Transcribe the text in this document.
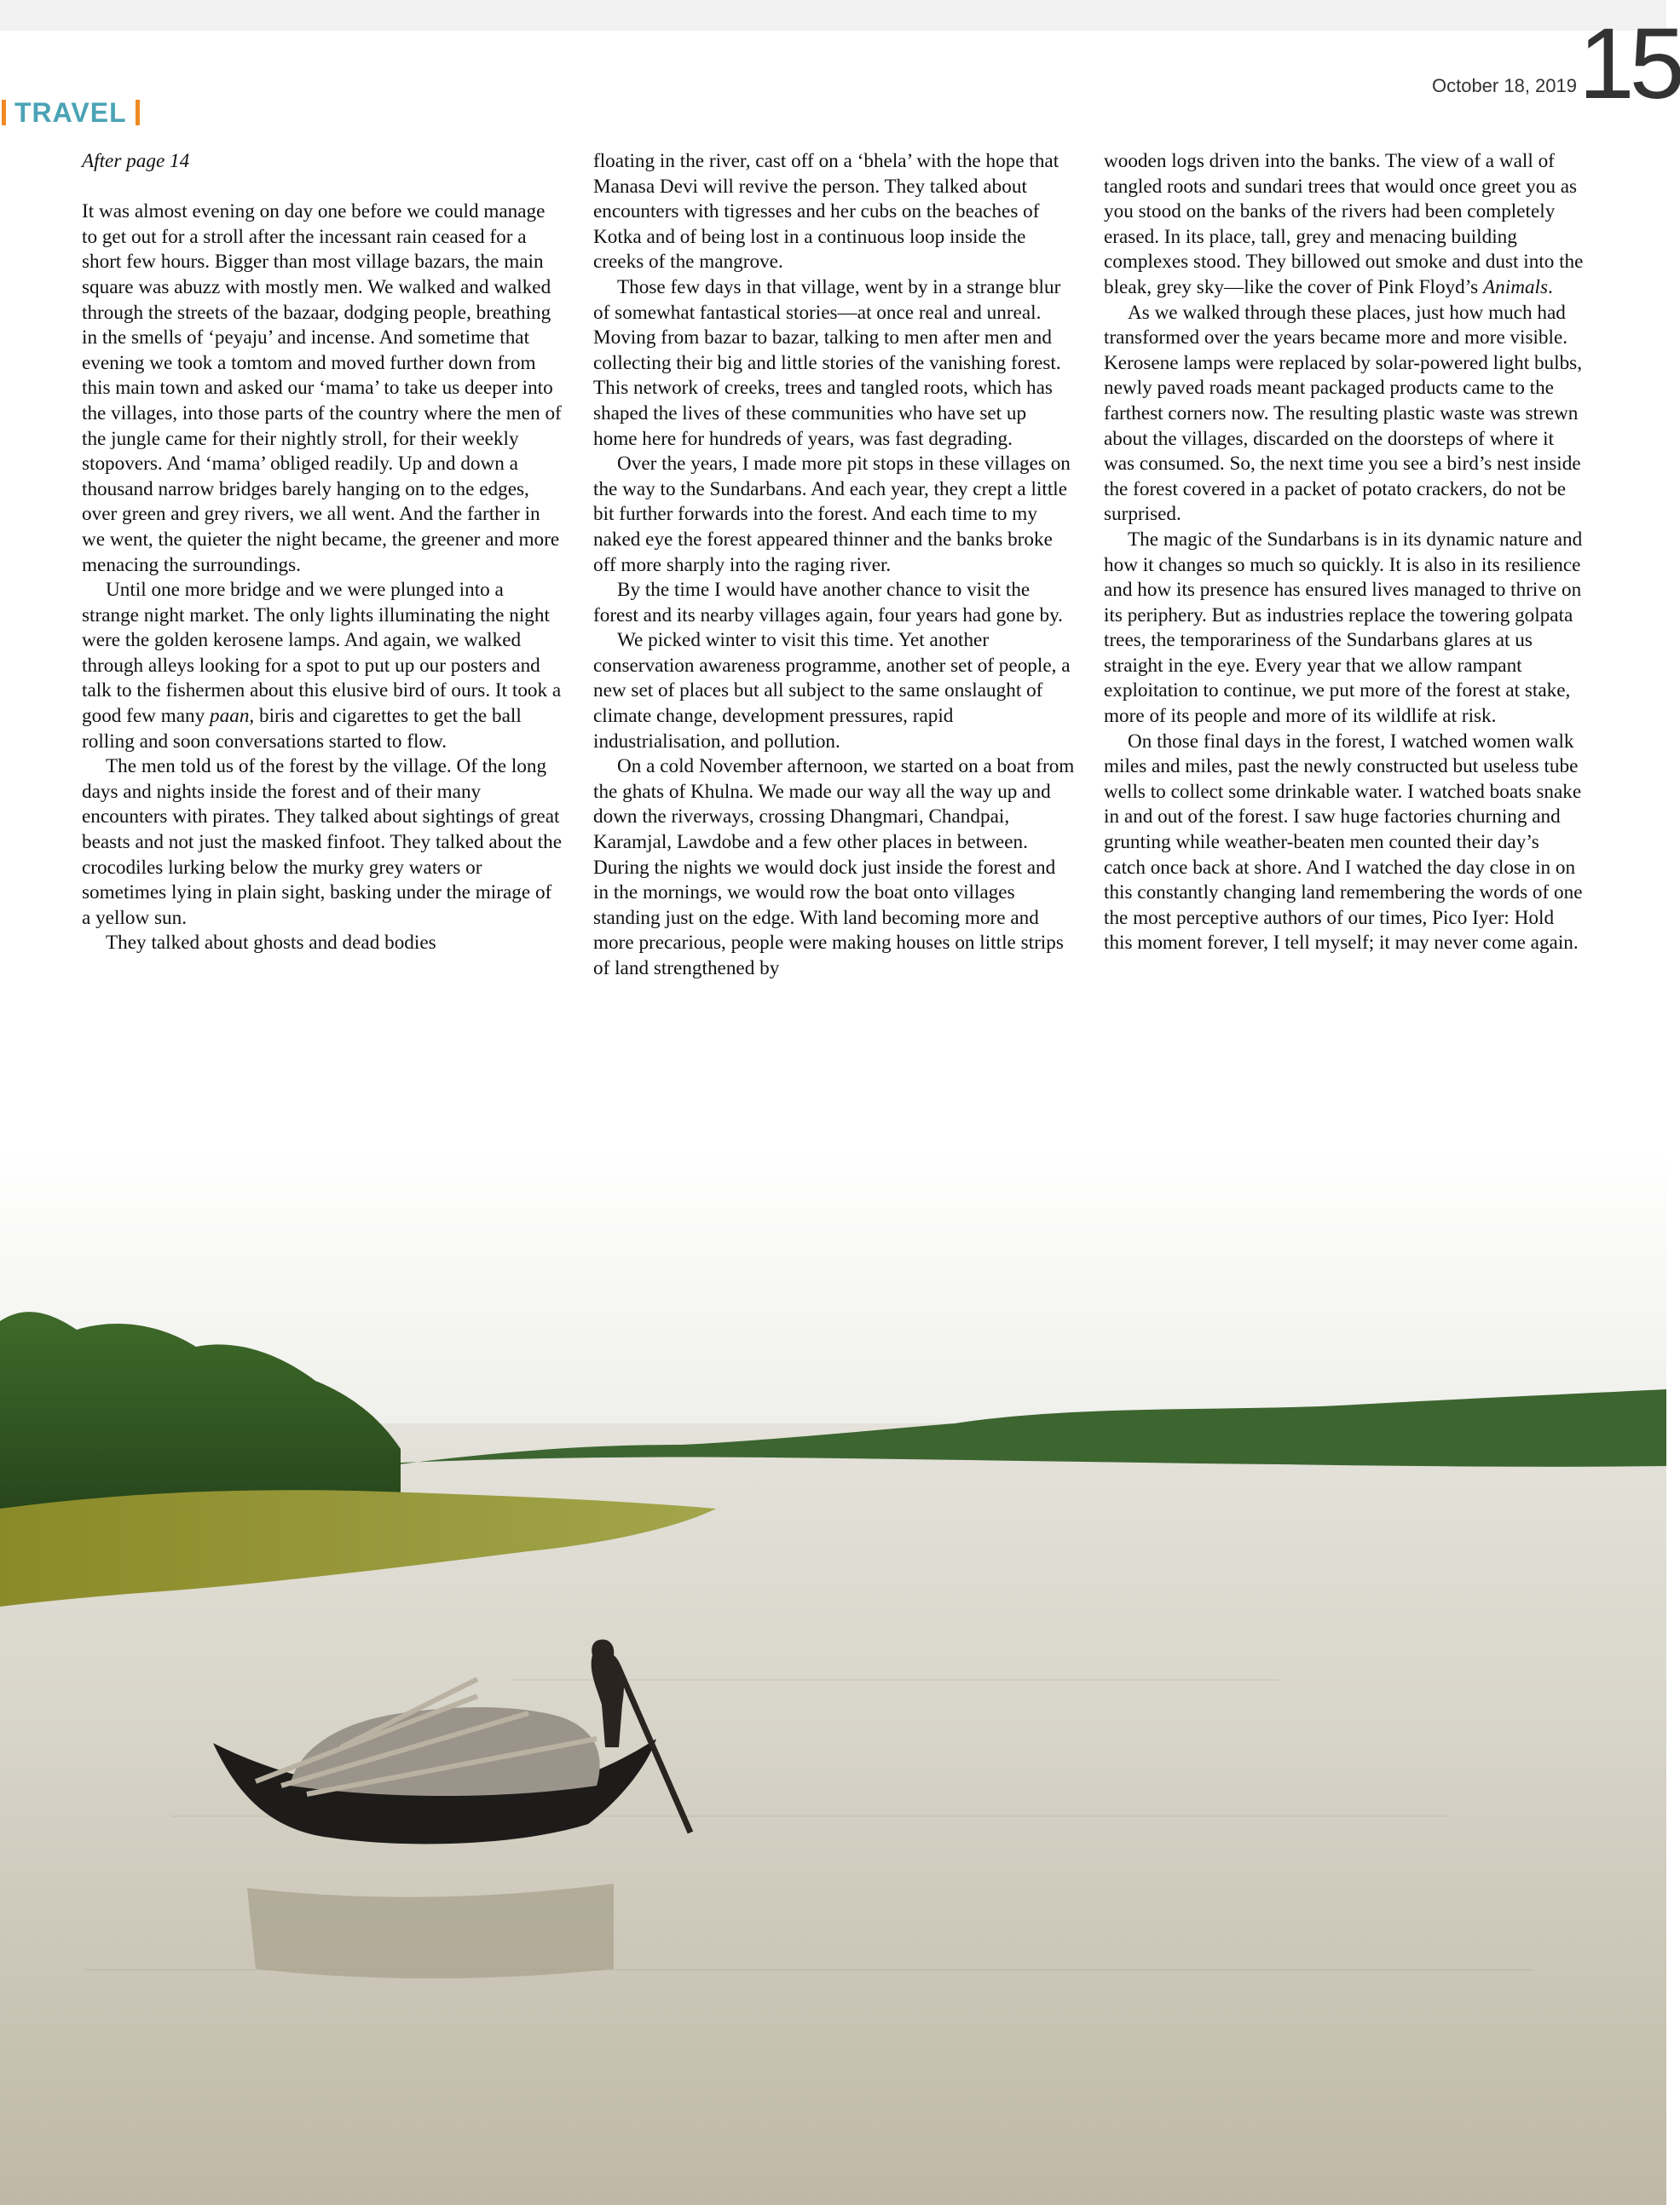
TRAVEL
October 18, 2019 15

After page 14

It was almost evening on day one before we could manage to get out for a stroll after the incessant rain ceased for a short few hours. Bigger than most village bazars, the main square was abuzz with mostly men. We walked and walked through the streets of the bazaar, dodging people, breathing in the smells of ‘peyaju’ and incense. And sometime that evening we took a tomtom and moved further down from this main town and asked our ‘mama’ to take us deeper into the villages, into those parts of the country where the men of the jungle came for their nightly stroll, for their weekly stopovers. And ‘mama’ obliged readily. Up and down a thousand narrow bridges barely hanging on to the edges, over green and grey rivers, we all went. And the farther in we went, the quieter the night became, the greener and more menacing the surroundings.

Until one more bridge and we were plunged into a strange night market. The only lights illuminating the night were the golden kerosene lamps. And again, we walked through alleys looking for a spot to put up our posters and talk to the fishermen about this elusive bird of ours. It took a good few many paan, biris and cigarettes to get the ball rolling and soon conversations started to flow.

The men told us of the forest by the village. Of the long days and nights inside the forest and of their many encounters with pirates. They talked about sightings of great beasts and not just the masked finfoot. They talked about the crocodiles lurking below the murky grey waters or sometimes lying in plain sight, basking under the mirage of a yellow sun.

They talked about ghosts and dead bodies

floating in the river, cast off on a ‘bhela’ with the hope that Manasa Devi will revive the person. They talked about encounters with tigresses and her cubs on the beaches of Kotka and of being lost in a continuous loop inside the creeks of the mangrove.

Those few days in that village, went by in a strange blur of somewhat fantastical stories—at once real and unreal. Moving from bazar to bazar, talking to men after men and collecting their big and little stories of the vanishing forest. This network of creeks, trees and tangled roots, which has shaped the lives of these communities who have set up home here for hundreds of years, was fast degrading.

Over the years, I made more pit stops in these villages on the way to the Sundarbans. And each year, they crept a little bit further forwards into the forest. And each time to my naked eye the forest appeared thinner and the banks broke off more sharply into the raging river.

By the time I would have another chance to visit the forest and its nearby villages again, four years had gone by.

We picked winter to visit this time. Yet another conservation awareness programme, another set of people, a new set of places but all subject to the same onslaught of climate change, development pressures, rapid industrialisation, and pollution.

On a cold November afternoon, we started on a boat from the ghats of Khulna. We made our way all the way up and down the riverways, crossing Dhangmari, Chandpai, Karamjal, Lawdobe and a few other places in between. During the nights we would dock just inside the forest and in the mornings, we would row the boat onto villages standing just on the edge. With land becoming more and more precarious, people were making houses on little strips of land strengthened by

wooden logs driven into the banks. The view of a wall of tangled roots and sundari trees that would once greet you as you stood on the banks of the rivers had been completely erased. In its place, tall, grey and menacing building complexes stood. They billowed out smoke and dust into the bleak, grey sky—like the cover of Pink Floyd’s Animals.

As we walked through these places, just how much had transformed over the years became more and more visible. Kerosene lamps were replaced by solar-powered light bulbs, newly paved roads meant packaged products came to the farthest corners now. The resulting plastic waste was strewn about the villages, discarded on the doorsteps of where it was consumed. So, the next time you see a bird’s nest inside the forest covered in a packet of potato crackers, do not be surprised.

The magic of the Sundarbans is in its dynamic nature and how it changes so much so quickly. It is also in its resilience and how its presence has ensured lives managed to thrive on its periphery. But as industries replace the towering golpata trees, the temporariness of the Sundarbans glares at us straight in the eye. Every year that we allow rampant exploitation to continue, we put more of the forest at stake, more of its people and more of its wildlife at risk.

On those final days in the forest, I watched women walk miles and miles, past the newly constructed but useless tube wells to collect some drinkable water. I watched boats snake in and out of the forest. I saw huge factories churning and grunting while weather-beaten men counted their day’s catch once back at shore. And I watched the day close in on this constantly changing land remembering the words of one the most perceptive authors of our times, Pico Iyer: Hold this moment forever, I tell myself; it may never come again.
